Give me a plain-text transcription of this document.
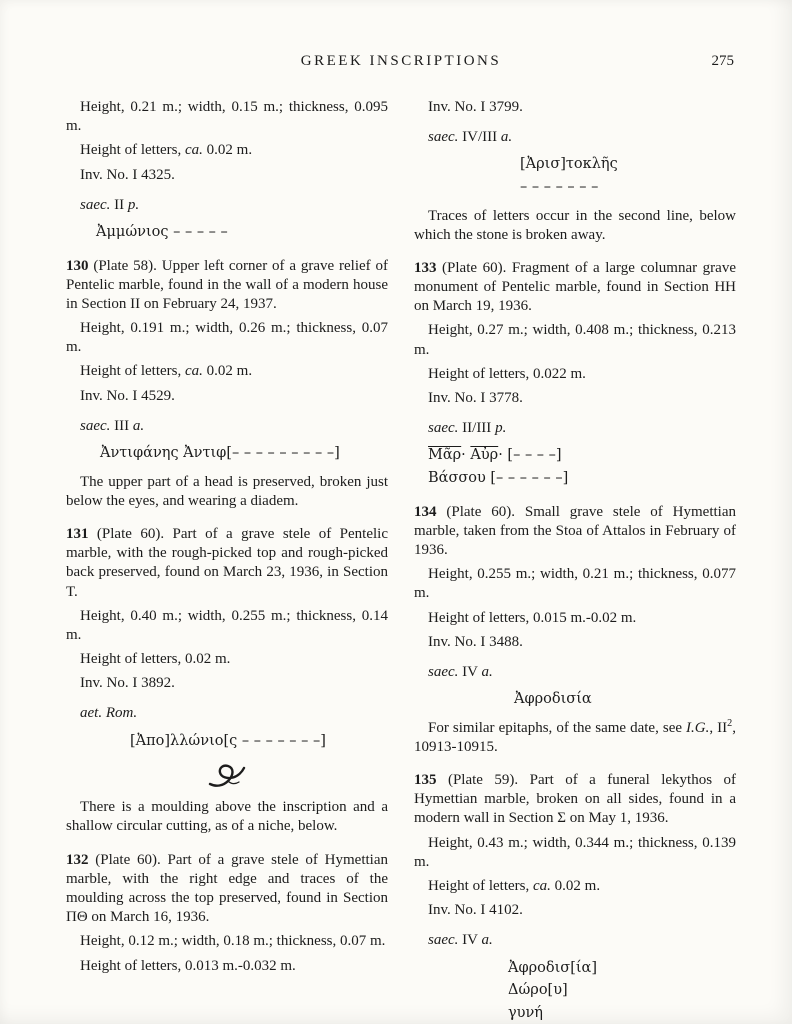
GREEK INSCRIPTIONS	275

Height, 0.21 m.; width, 0.15 m.; thickness, 0.095 m.

Height of letters, ca. 0.02 m.

Inv. No. I 4325.

saec. II p.

Ἀμμώνιος – – – – –

130 (Plate 58). Upper left corner of a grave relief of Pentelic marble, found in the wall of a modern house in Section II on February 24, 1937.

Height, 0.191 m.; width, 0.26 m.; thickness, 0.07 m.

Height of letters, ca. 0.02 m.

Inv. No. I 4529.

saec. III a.

Ἀντιφάνης Ἀντιφ[– – – – – – – – –]

The upper part of a head is preserved, broken just below the eyes, and wearing a diadem.

131 (Plate 60). Part of a grave stele of Pentelic marble, with the rough-picked top and rough-picked back preserved, found on March 23, 1936, in Section Τ.

Height, 0.40 m.; width, 0.255 m.; thickness, 0.14 m.

Height of letters, 0.02 m.

Inv. No. I 3892.

aet. Rom.

[Ἀπο]λλώνιο[ς – – – – – – –]

There is a moulding above the inscription and a shallow circular cutting, as of a niche, below.

132 (Plate 60). Part of a grave stele of Hymettian marble, with the right edge and traces of the moulding across the top preserved, found in Section ΠΘ on March 16, 1936.

Height, 0.12 m.; width, 0.18 m.; thickness, 0.07 m.

Height of letters, 0.013 m.-0.032 m.

Inv. No. I 3799.

saec. IV/III a.

[Ἀρισ]τοκλῆς
– – – – – – –

Traces of letters occur in the second line, below which the stone is broken away.

133 (Plate 60). Fragment of a large columnar grave monument of Pentelic marble, found in Section ΗΗ on March 19, 1936.

Height, 0.27 m.; width, 0.408 m.; thickness, 0.213 m.

Height of letters, 0.022 m.

Inv. No. I 3778.

saec. II/III p.

$\overline{Mᾶ\rho}\cdot \overline{Aὐ\rho}\cdot$ [– – – –]
Βάσσου [– – – – – –]

134 (Plate 60). Small grave stele of Hymettian marble, taken from the Stoa of Attalos in February of 1936.

Height, 0.255 m.; width, 0.21 m.; thickness, 0.077 m.

Height of letters, 0.015 m.-0.02 m.

Inv. No. I 3488.

saec. IV a.

Ἀφροδισία

For similar epitaphs, of the same date, see I.G., $II^2$, 10913-10915.

135 (Plate 59). Part of a funeral lekythos of Hymettian marble, broken on all sides, found in a modern wall in Section Σ on May 1, 1936.

Height, 0.43 m.; width, 0.344 m.; thickness, 0.139 m.

Height of letters, ca. 0.02 m.

Inv. No. I 4102.

saec. IV a.

Ἀφροδισ[ία]
Δώρο[υ]
γυνή
